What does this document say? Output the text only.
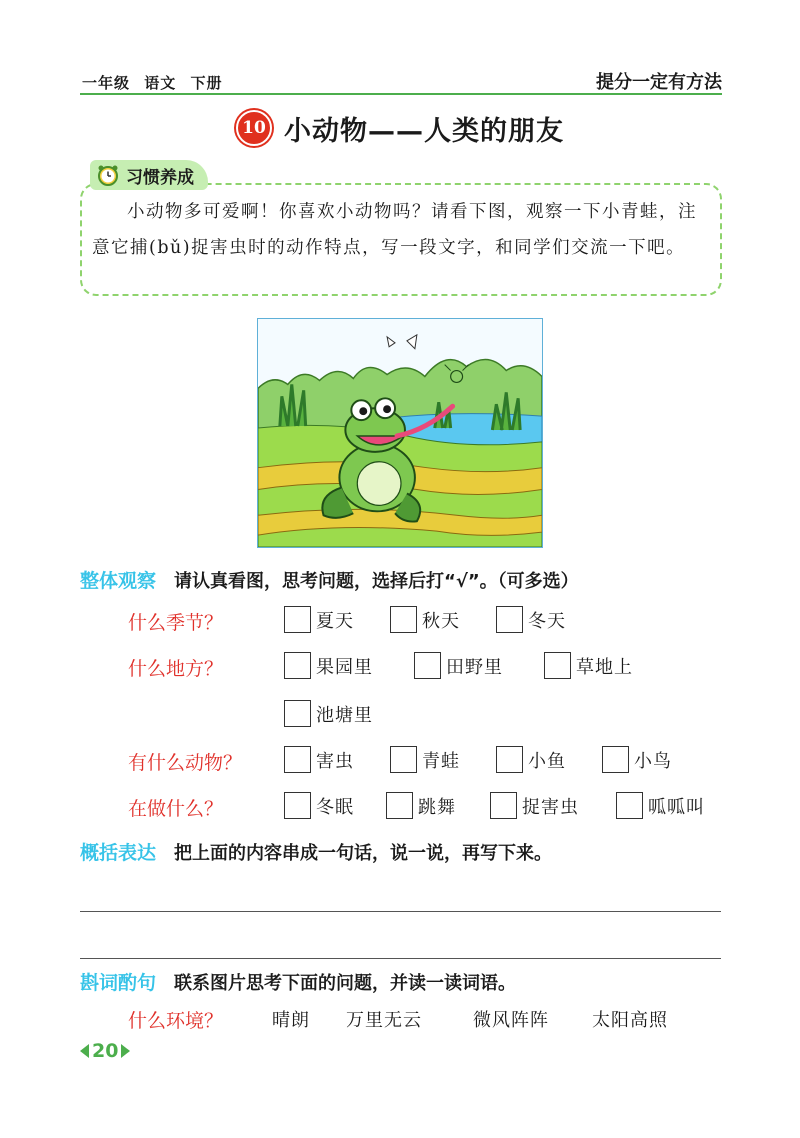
一年级 语文 下册	提分一定有方法
10 小动物——人类的朋友
习惯养成
小动物多可爱啊！你喜欢小动物吗？请看下图，观察一下小青蛙，注意它捕(bǔ)捉害虫时的动作特点，写一段文字，和同学们交流一下吧。
整体观察 请认真看图，思考问题，选择后打“√”。（可多选）
什么季节？	夏天	秋天	冬天
什么地方？	果园里	田野里	草地上
池塘里
有什么动物？	害虫	青蛙	小鱼	小鸟
在做什么？	冬眠	跳舞	捉害虫	呱呱叫
概括表达 把上面的内容串成一句话，说一说，再写下来。
斟词酌句 联系图片思考下面的问题，并读一读词语。
什么环境？	晴朗 万里无云	微风阵阵 太阳高照
20
